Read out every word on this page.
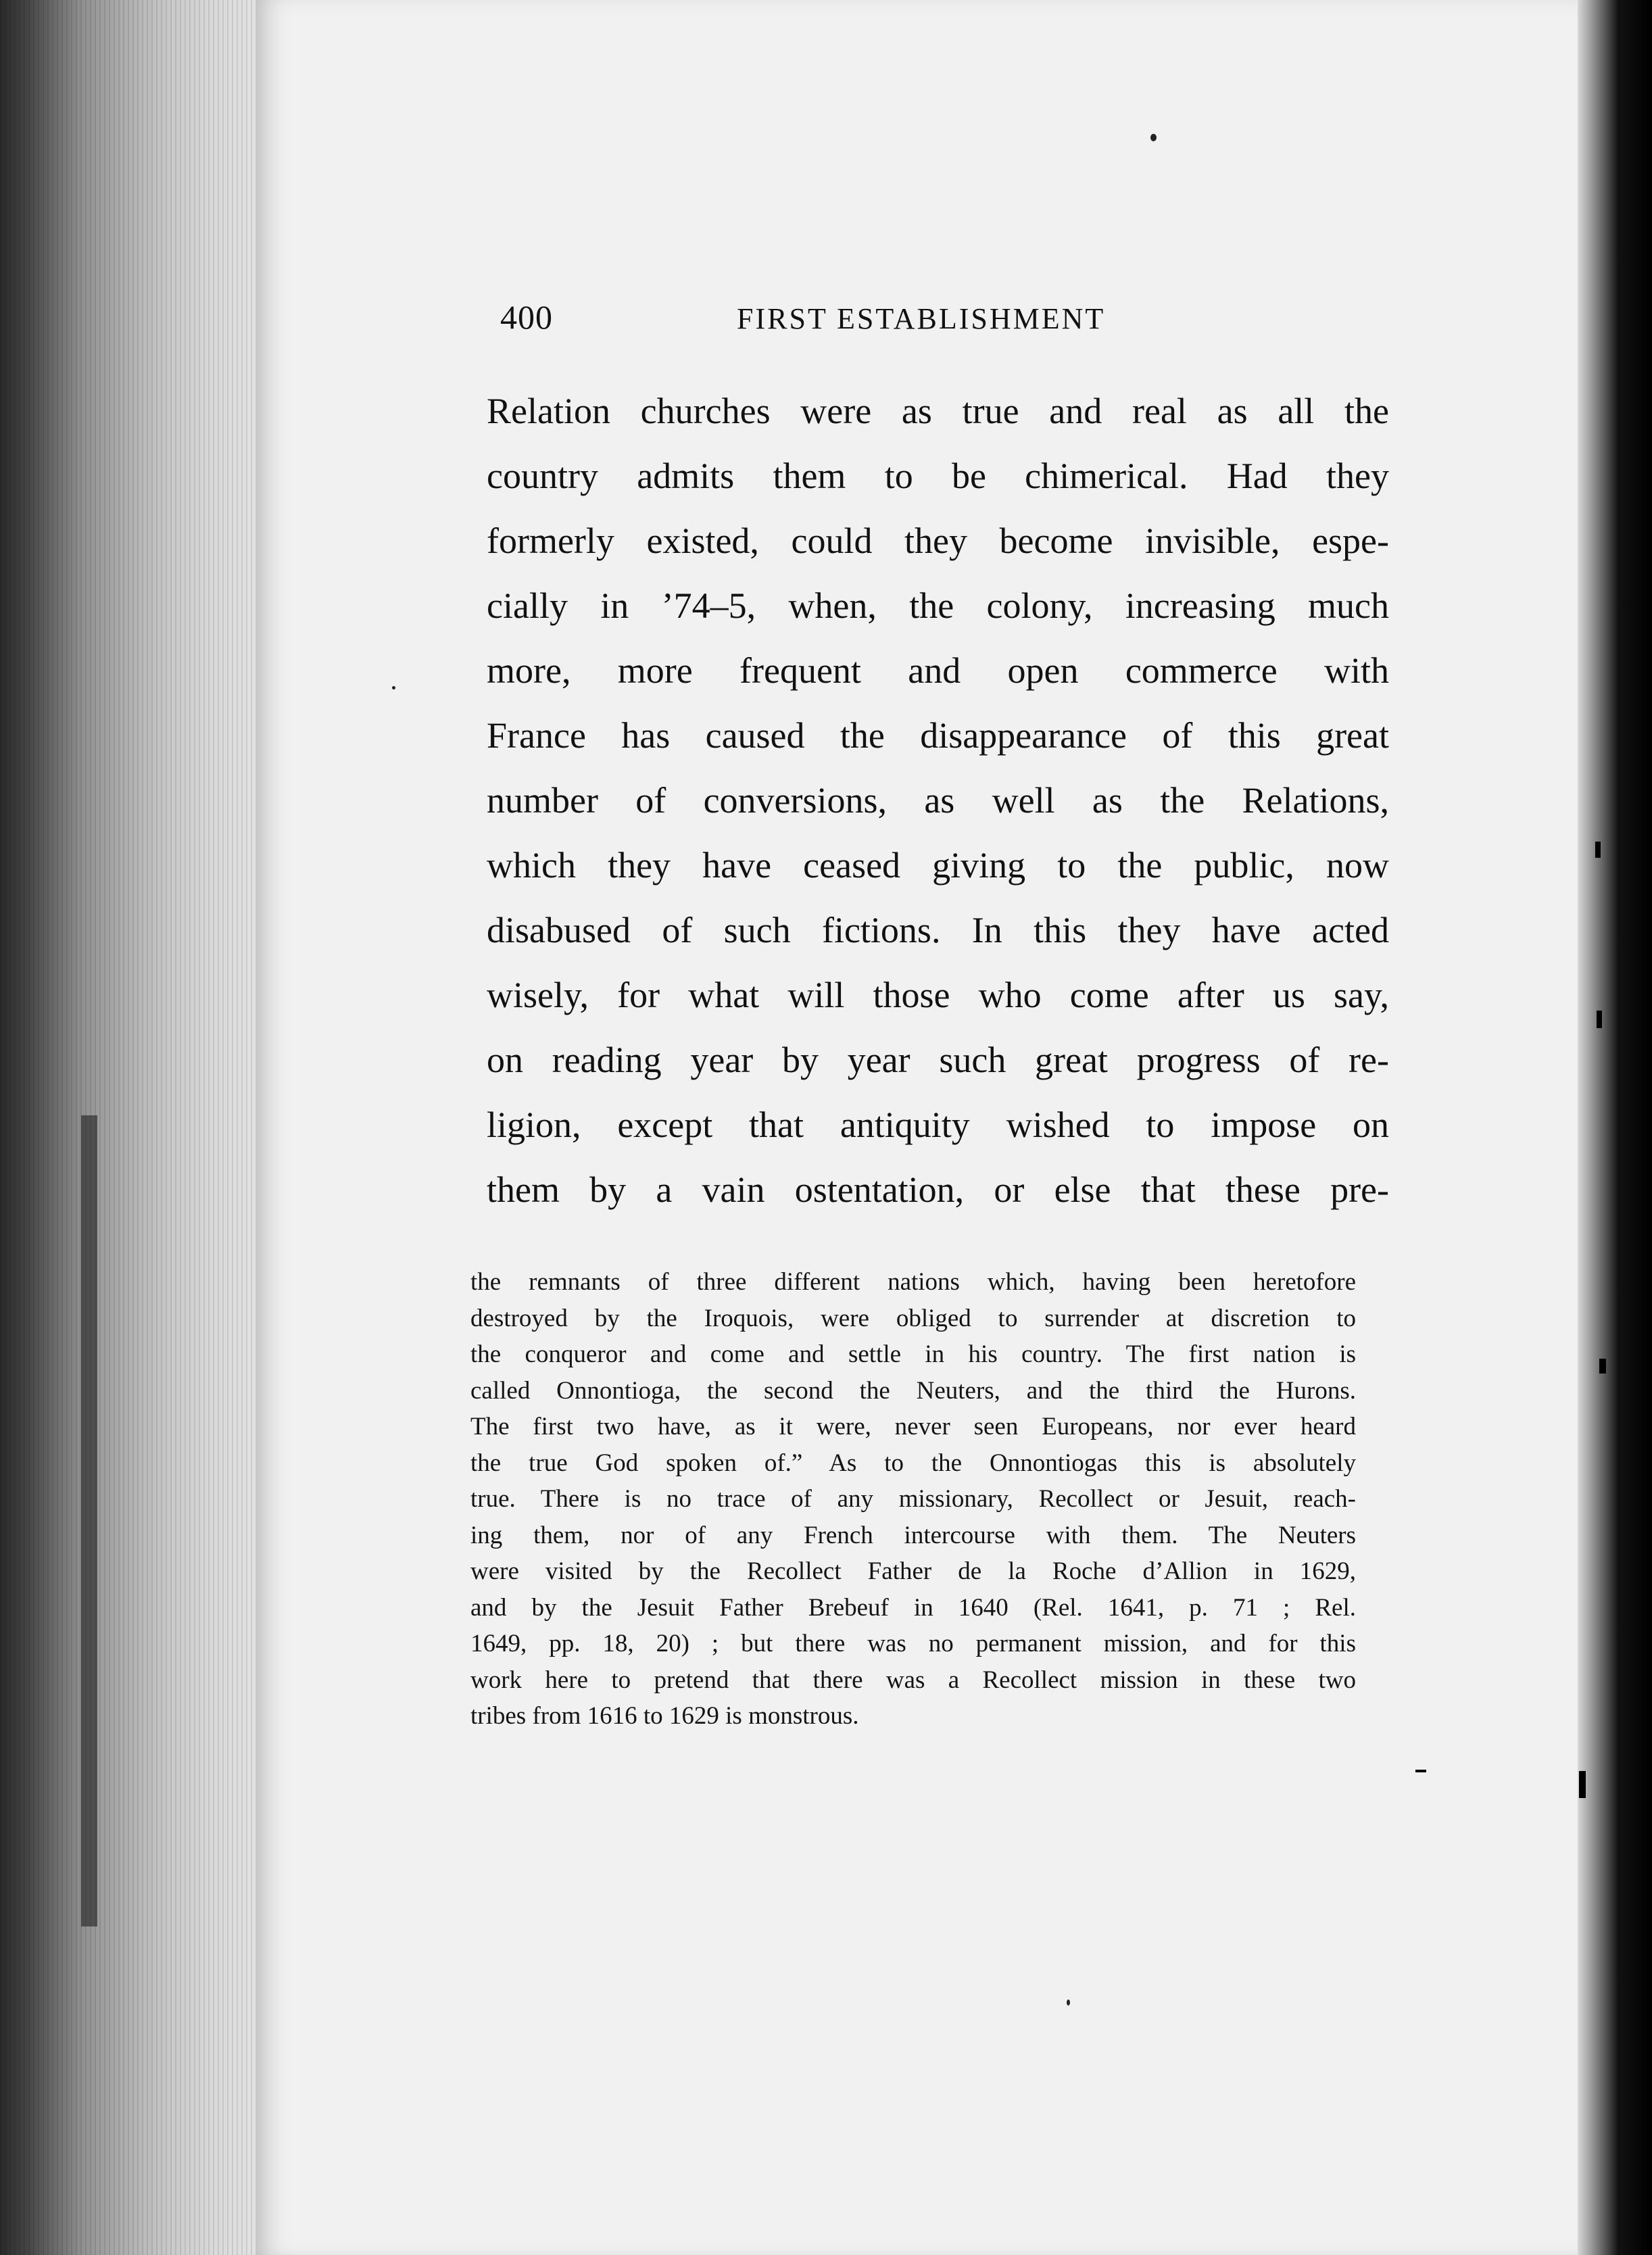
400	FIRST ESTABLISHMENT
Relation churches were as true and real as all the
country admits them to be chimerical. Had they
formerly existed, could they become invisible, espe-
cially in ’74–5, when, the colony, increasing much
more, more frequent and open commerce with
France has caused the disappearance of this great
number of conversions, as well as the Relations,
which they have ceased giving to the public, now
disabused of such fictions. In this they have acted
wisely, for what will those who come after us say,
on reading year by year such great progress of re-
ligion, except that antiquity wished to impose on
them by a vain ostentation, or else that these pre-
the remnants of three different nations which, having been heretofore
destroyed by the Iroquois, were obliged to surrender at discretion to
the conqueror and come and settle in his country. The first nation is
called Onnontioga, the second the Neuters, and the third the Hurons.
The first two have, as it were, never seen Europeans, nor ever heard
the true God spoken of.” As to the Onnontiogas this is absolutely
true. There is no trace of any missionary, Recollect or Jesuit, reach-
ing them, nor of any French intercourse with them. The Neuters
were visited by the Recollect Father de la Roche d’Allion in 1629,
and by the Jesuit Father Brebeuf in 1640 (Rel. 1641, p. 71 ; Rel.
1649, pp. 18, 20) ; but there was no permanent mission, and for this
work here to pretend that there was a Recollect mission in these two
tribes from 1616 to 1629 is monstrous.
